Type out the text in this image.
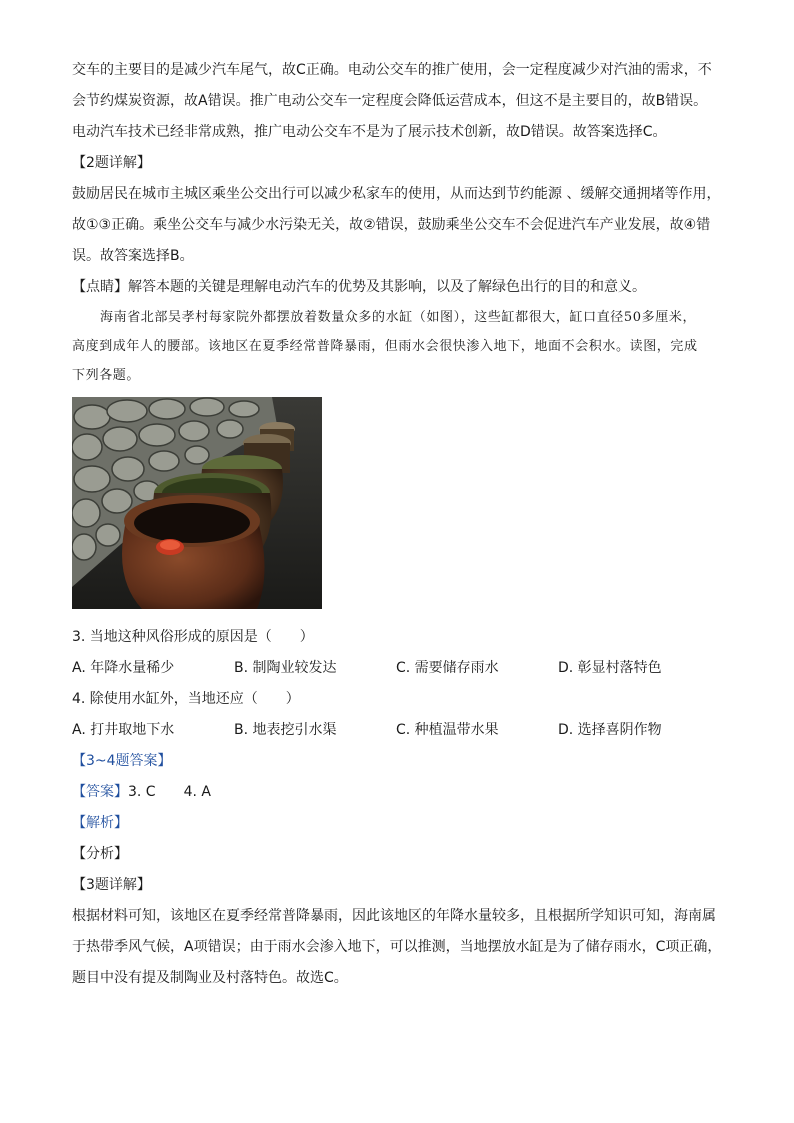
交车的主要目的是减少汽车尾气，故C正确。电动公交车的推广使用，会一定程度减少对汽油的需求，不
会节约煤炭资源，故A错误。推广电动公交车一定程度会降低运营成本，但这不是主要目的，故B错误。
电动汽车技术已经非常成熟，推广电动公交车不是为了展示技术创新，故D错误。故答案选择C。
【2题详解】
鼓励居民在城市主城区乘坐公交出行可以减少私家车的使用，从而达到节约能源 、缓解交通拥堵等作用，
故①③正确。乘坐公交车与减少水污染无关，故②错误，鼓励乘坐公交车不会促进汽车产业发展，故④错
误。故答案选择B。
【点睛】解答本题的关键是理解电动汽车的优势及其影响，以及了解绿色出行的目的和意义。
海南省北部吴孝村每家院外都摆放着数量众多的水缸（如图），这些缸都很大，缸口直径50多厘米，
高度到成年人的腰部。该地区在夏季经常普降暴雨，但雨水会很快渗入地下，地面不会积水。读图，完成
下列各题。
3. 当地这种风俗形成的原因是（　　）
A. 年降水量稀少	B. 制陶业较发达	C. 需要储存雨水	D. 彰显村落特色
4. 除使用水缸外，当地还应（　　）
A. 打井取地下水	B. 地表挖引水渠	C. 种植温带水果	D. 选择喜阴作物
【3~4题答案】
【答案】3. C　　4. A
【解析】
【分析】
【3题详解】
根据材料可知，该地区在夏季经常普降暴雨，因此该地区的年降水量较多，且根据所学知识可知，海南属
于热带季风气候，A项错误；由于雨水会渗入地下，可以推测，当地摆放水缸是为了储存雨水，C项正确，
题目中没有提及制陶业及村落特色。故选C。
